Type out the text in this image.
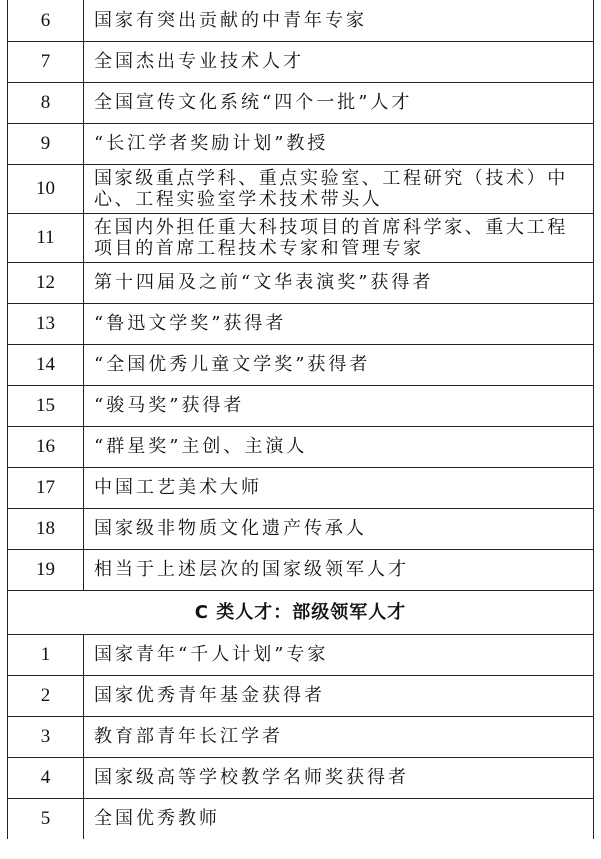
6	国家有突出贡献的中青年专家
7	全国杰出专业技术人才
8	全国宣传文化系统“四个一批”人才
9	“长江学者奖励计划”教授
10	国家级重点学科、重点实验室、工程研究（技术）中心、工程实验室学术技术带头人
11	在国内外担任重大科技项目的首席科学家、重大工程项目的首席工程技术专家和管理专家
12	第十四届及之前“文华表演奖”获得者
13	“鲁迅文学奖”获得者
14	“全国优秀儿童文学奖”获得者
15	“骏马奖”获得者
16	“群星奖”主创、主演人
17	中国工艺美术大师
18	国家级非物质文化遗产传承人
19	相当于上述层次的国家级领军人才
C 类人才：部级领军人才	
1	国家青年“千人计划”专家
2	国家优秀青年基金获得者
3	教育部青年长江学者
4	国家级高等学校教学名师奖获得者
5	全国优秀教师
